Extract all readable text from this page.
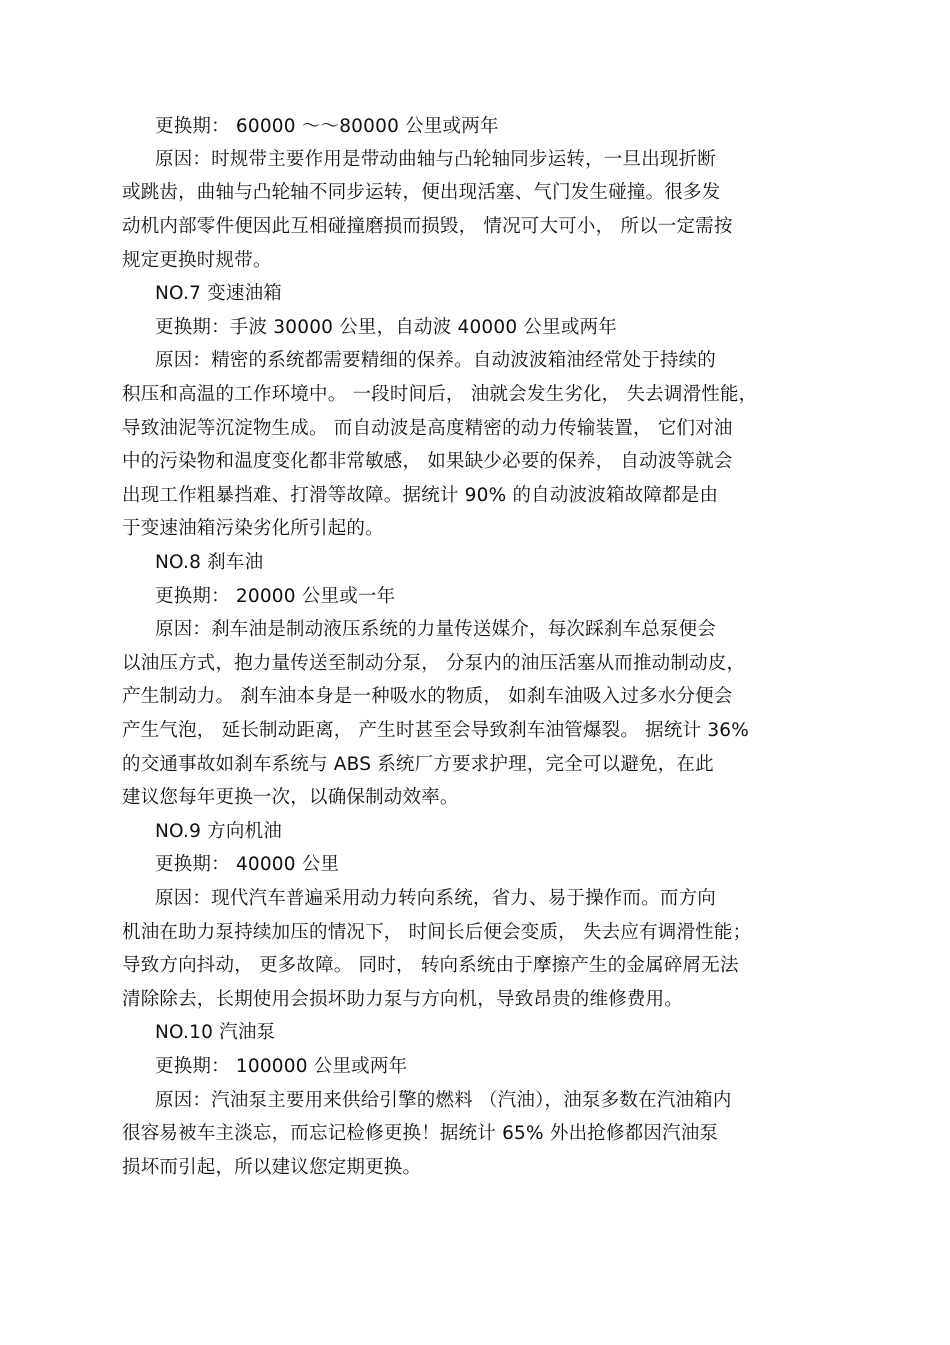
更换期： 60000 ～～80000 公里或两年
原因：时规带主要作用是带动曲轴与凸轮轴同步运转，一旦出现折断
或跳齿，曲轴与凸轮轴不同步运转，便出现活塞、气门发生碰撞。很多发
动机内部零件便因此互相碰撞磨损而损毁， 情况可大可小， 所以一定需按
规定更换时规带。
NO.7 变速油箱
更换期：手波 30000 公里，自动波 40000 公里或两年
原因：精密的系统都需要精细的保养。自动波波箱油经常处于持续的
积压和高温的工作环境中。 一段时间后， 油就会发生劣化， 失去调滑性能，
导致油泥等沉淀物生成。 而自动波是高度精密的动力传输装置， 它们对油
中的污染物和温度变化都非常敏感， 如果缺少必要的保养， 自动波等就会
出现工作粗暴挡难、打滑等故障。据统计 90% 的自动波波箱故障都是由
于变速油箱污染劣化所引起的。
NO.8 刹车油
更换期： 20000 公里或一年
原因：刹车油是制动液压系统的力量传送媒介，每次踩刹车总泵便会
以油压方式，抱力量传送至制动分泵， 分泵内的油压活塞从而推动制动皮，
产生制动力。 刹车油本身是一种吸水的物质， 如刹车油吸入过多水分便会
产生气泡， 延长制动距离， 产生时甚至会导致刹车油管爆裂。 据统计 36%
的交通事故如刹车系统与 ABS 系统厂方要求护理，完全可以避免，在此
建议您每年更换一次，以确保制动效率。
NO.9 方向机油
更换期： 40000 公里
原因：现代汽车普遍采用动力转向系统，省力、易于操作而。而方向
机油在助力泵持续加压的情况下， 时间长后便会变质， 失去应有调滑性能；
导致方向抖动， 更多故障。 同时， 转向系统由于摩擦产生的金属碎屑无法
清除除去，长期使用会损坏助力泵与方向机，导致昂贵的维修费用。
NO.10 汽油泵
更换期： 100000 公里或两年
原因：汽油泵主要用来供给引擎的燃料 （汽油），油泵多数在汽油箱内
很容易被车主淡忘，而忘记检修更换！据统计 65% 外出抢修都因汽油泵
损坏而引起，所以建议您定期更换。
